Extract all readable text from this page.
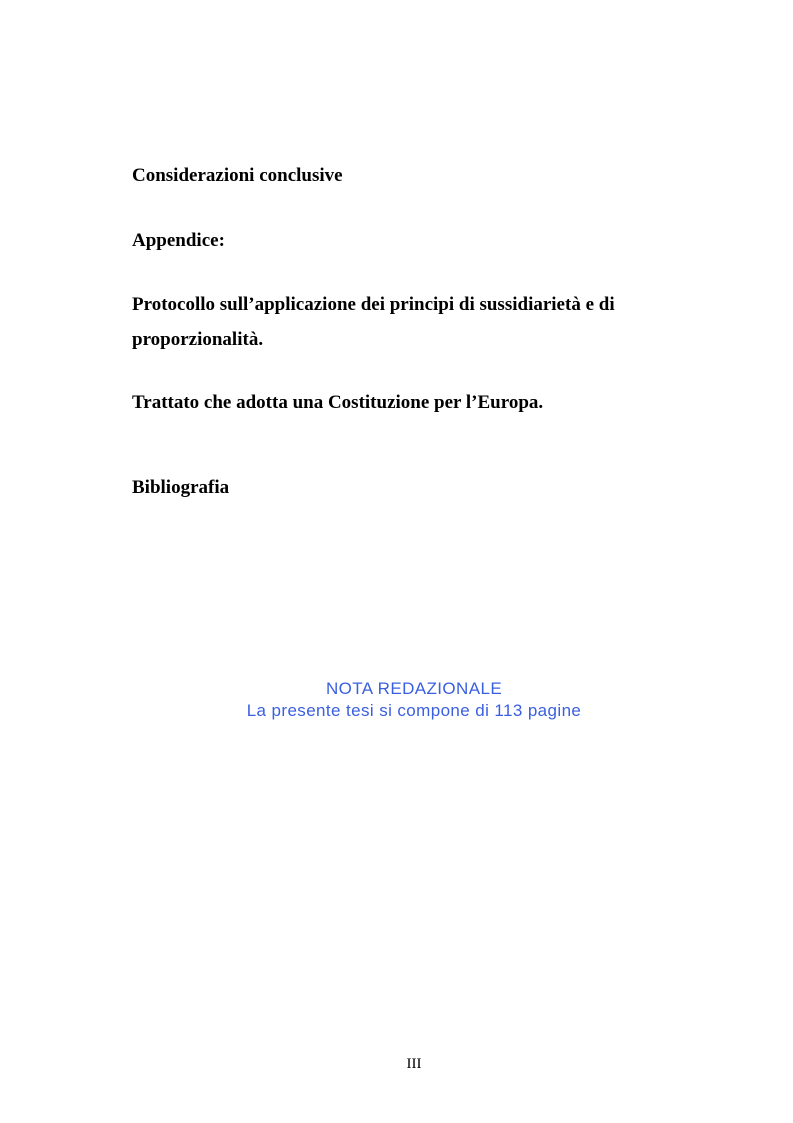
Considerazioni conclusive
Appendice:
Protocollo sull’applicazione dei principi di sussidiarietà e di
proporzionalità.
Trattato che adotta una Costituzione per l’Europa.
Bibliografia
NOTA REDAZIONALE
La presente tesi si compone di 113 pagine
III
